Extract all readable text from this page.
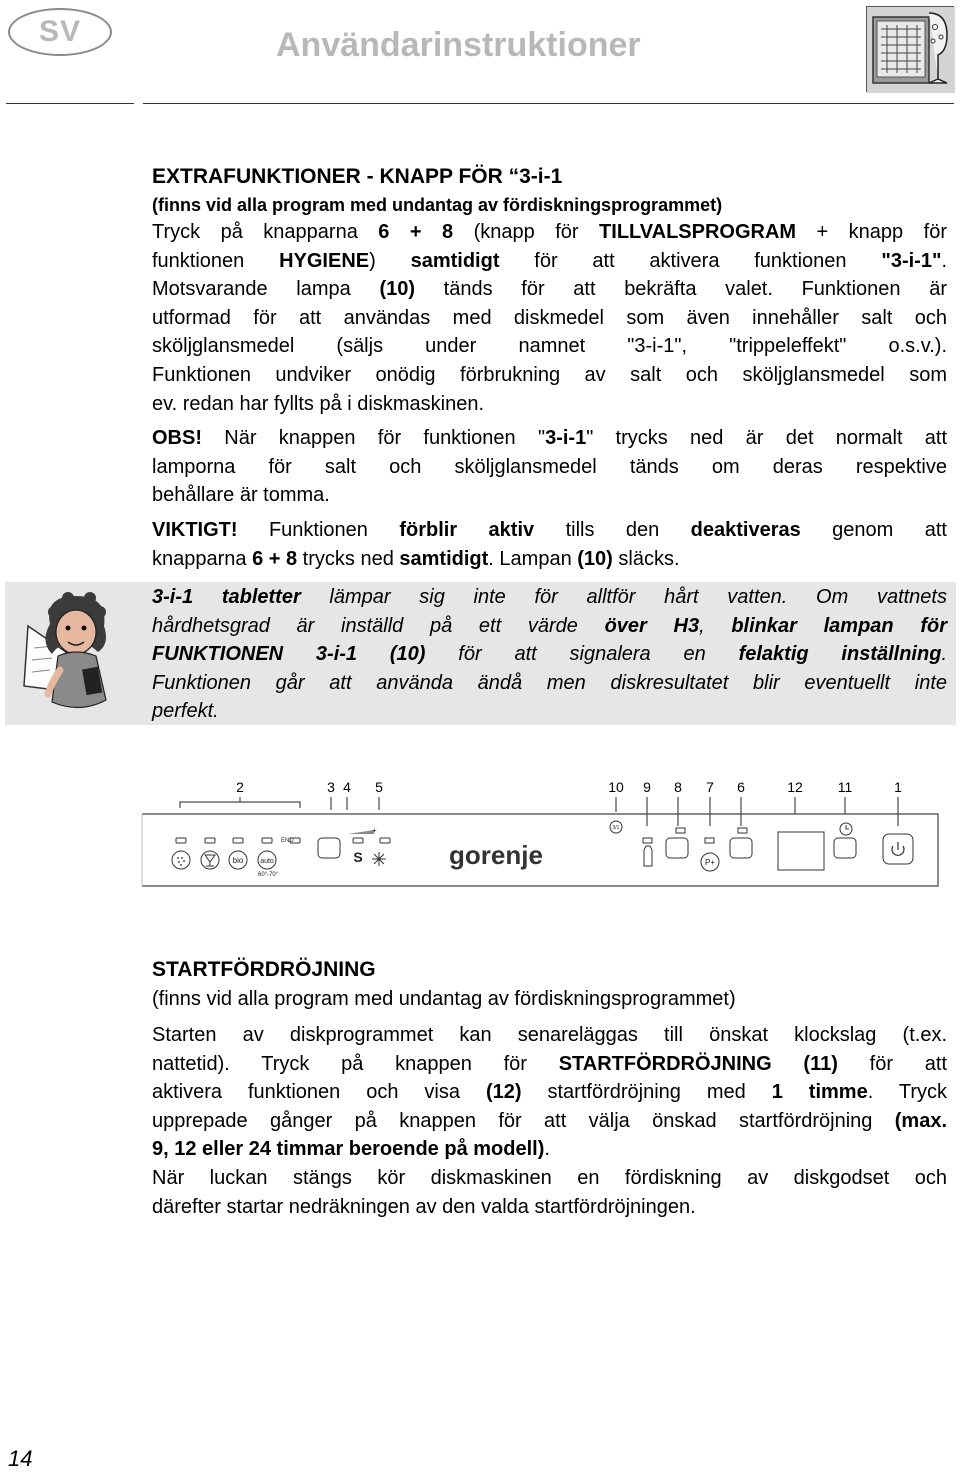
SV	Användarinstruktioner
EXTRAFUNKTIONER - KNAPP FÖR “3-i-1
(finns vid alla program med undantag av fördiskningsprogrammet)
Tryck på knapparna 6 + 8 (knapp för TILLVALSPROGRAM + knapp för
funktionen HYGIENE) samtidigt för att aktivera funktionen "3-i-1".
Motsvarande lampa (10) tänds för att bekräfta valet. Funktionen är
utformad för att användas med diskmedel som även innehåller salt och
sköljglansmedel (säljs under namnet "3-i-1", "trippeleffekt" o.s.v.).
Funktionen undviker onödig förbrukning av salt och sköljglansmedel som
ev. redan har fyllts på i diskmaskinen.
OBS! När knappen för funktionen "3-i-1" trycks ned är det normalt att
lamporna för salt och sköljglansmedel tänds om deras respektive
behållare är tomma.
VIKTIGT! Funktionen förblir aktiv tills den deaktiveras genom att
knapparna 6 + 8 trycks ned samtidigt. Lampan (10) släcks.
3-i-1 tabletter lämpar sig inte för alltför hårt vatten. Om vattnets
hårdhetsgrad är inställd på ett värde över H3, blinkar lampan för
FUNKTIONEN 3-i-1 (10) för att signalera en felaktig inställning.
Funktionen går att använda ändå men diskresultatet blir eventuellt inte
perfekt.
2	3 4 5	10 9 8 7 6	12 11	1
bio auto
END
60°-70°
+
S	gorenje
3/1
P+
STARTFÖRDRÖJNING
(finns vid alla program med undantag av fördiskningsprogrammet)
Starten av diskprogrammet kan senareläggas till önskat klockslag (t.ex.
nattetid). Tryck på knappen för STARTFÖRDRÖJNING (11) för att
aktivera funktionen och visa (12) startfördröjning med 1 timme. Tryck
upprepade gånger på knappen för att välja önskad startfördröjning (max.
9, 12 eller 24 timmar beroende på modell).
När luckan stängs kör diskmaskinen en fördiskning av diskgodset och
därefter startar nedräkningen av den valda startfördröjningen.
14
